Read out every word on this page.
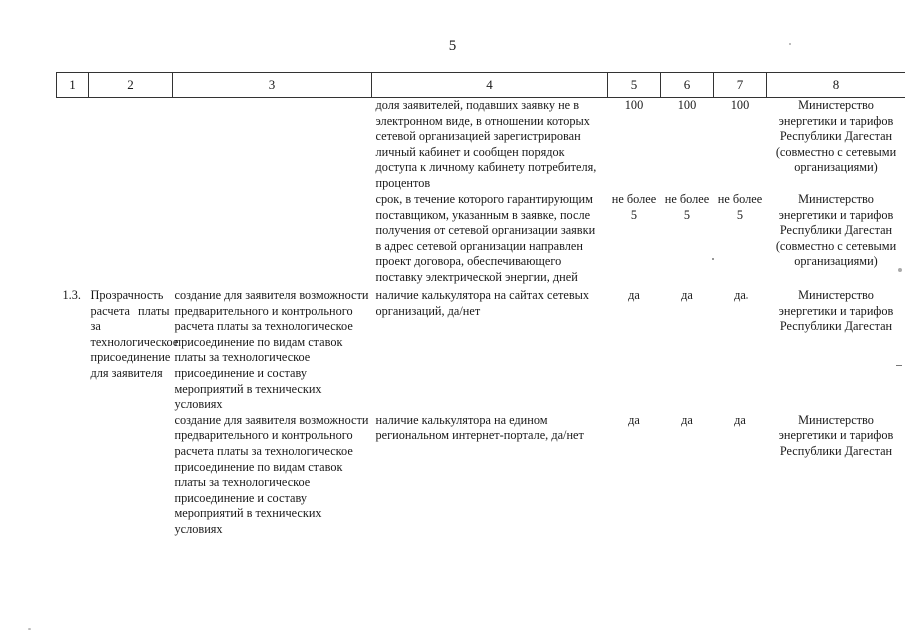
5
1	2	3	4	5	6	7	8
			доля заявителей, подавших заявку не в электронном виде, в отношении которых сетевой организацией зарегистрирован личный кабинет и сообщен порядок доступа к личному кабинету потребителя, процентов	100	100	100	Министерство энергетики и тарифов Республики Дагестан (совместно с сетевыми организациями)
			срок, в течение которого гарантирующим поставщиком, указанным в заявке, после получения от сетевой организации заявки в адрес сетевой организации направлен проект договора, обеспечивающего поставку электрической энергии, дней	не более 5	не более 5	не более 5	Министерство энергетики и тарифов Республики Дагестан (совместно с сетевыми организациями)
1.3.	Прозрачность расчета платы за технологическое присоединение для заявителя	создание для заявителя возможности предварительного и контрольного расчета платы за технологическое присоединение по видам ставок платы за технологическое присоединение и составу мероприятий в технических условиях	наличие калькулятора на сайтах сетевых организаций, да/нет	да	да	да	Министерство энергетики и тарифов Республики Дагестан
		создание для заявителя возможности предварительного и контрольного расчета платы за технологическое присоединение по видам ставок платы за технологическое присоединение и составу мероприятий в технических условиях	наличие калькулятора на едином региональном интернет-портале, да/нет	да	да	да	Министерство энергетики и тарифов Республики Дагестан
